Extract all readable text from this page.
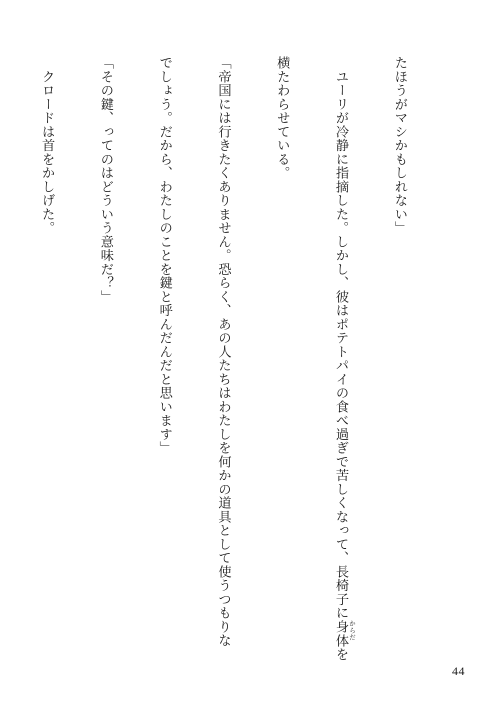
たほうがマシかもしれない」

　ユーリが冷静に指摘した。しかし、彼はポテトパイの食べ過ぎで苦しくなって、長椅子に身体 からだ
を

横たわらせている。

「帝国には行きたくありません。恐らく、あの人たちはわたしを何かの道具として使うつもりな

でしょう。だから、わたしのことを鍵と呼んだんだと思います」

「その鍵、ってのはどういう意味だ？」

　クロードは首をかしげた。

44
